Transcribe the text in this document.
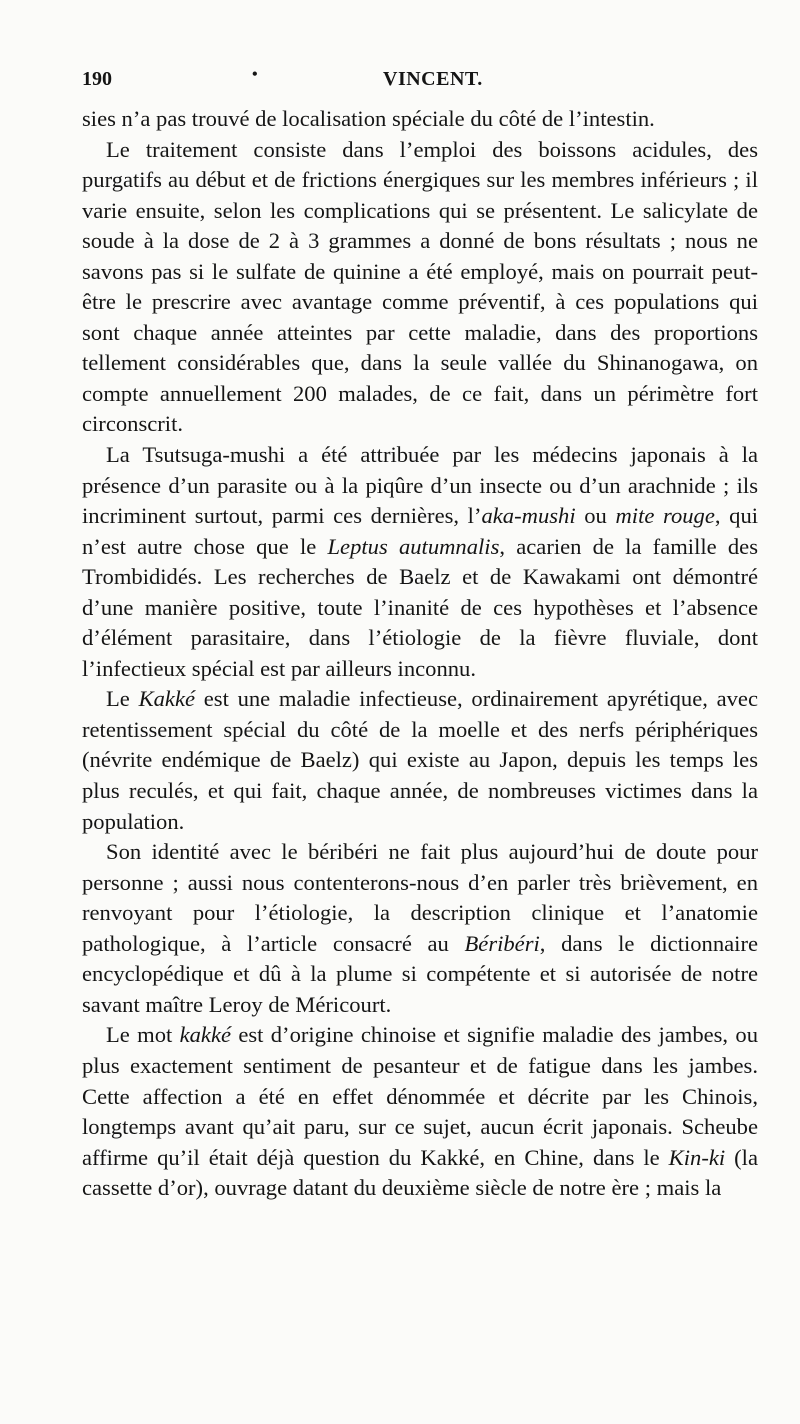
190	•	VINCENT.

sies n’a pas trouvé de localisation spéciale du côté de l’intestin.

Le traitement consiste dans l’emploi des boissons acidules, des purgatifs au début et de frictions énergiques sur les membres inférieurs ; il varie ensuite, selon les complications qui se présentent. Le salicylate de soude à la dose de 2 à 3 grammes a donné de bons résultats ; nous ne savons pas si le sulfate de quinine a été employé, mais on pourrait peut-être le prescrire avec avantage comme préventif, à ces populations qui sont chaque année atteintes par cette maladie, dans des proportions tellement considérables que, dans la seule vallée du Shinanogawa, on compte annuellement 200 malades, de ce fait, dans un périmètre fort circonscrit.

La Tsutsuga-mushi a été attribuée par les médecins japonais à la présence d’un parasite ou à la piqûre d’un insecte ou d’un arachnide ; ils incriminent surtout, parmi ces dernières, l’aka-mushi ou mite rouge, qui n’est autre chose que le Leptus autumnalis, acarien de la famille des Trombididés. Les recherches de Baelz et de Kawakami ont démontré d’une manière positive, toute l’inanité de ces hypothèses et l’absence d’élément parasitaire, dans l’étiologie de la fièvre fluviale, dont l’infectieux spécial est par ailleurs inconnu.

Le Kakké est une maladie infectieuse, ordinairement apyrétique, avec retentissement spécial du côté de la moelle et des nerfs périphériques (névrite endémique de Baelz) qui existe au Japon, depuis les temps les plus reculés, et qui fait, chaque année, de nombreuses victimes dans la population.

Son identité avec le béribéri ne fait plus aujourd’hui de doute pour personne ; aussi nous contenterons-nous d’en parler très brièvement, en renvoyant pour l’étiologie, la description clinique et l’anatomie pathologique, à l’article consacré au Béribéri, dans le dictionnaire encyclopédique et dû à la plume si compétente et si autorisée de notre savant maître Leroy de Méricourt.

Le mot kakké est d’origine chinoise et signifie maladie des jambes, ou plus exactement sentiment de pesanteur et de fatigue dans les jambes. Cette affection a été en effet dénommée et décrite par les Chinois, longtemps avant qu’ait paru, sur ce sujet, aucun écrit japonais. Scheube affirme qu’il était déjà question du Kakké, en Chine, dans le Kin-ki (la cassette d’or), ouvrage datant du deuxième siècle de notre ère ; mais la
